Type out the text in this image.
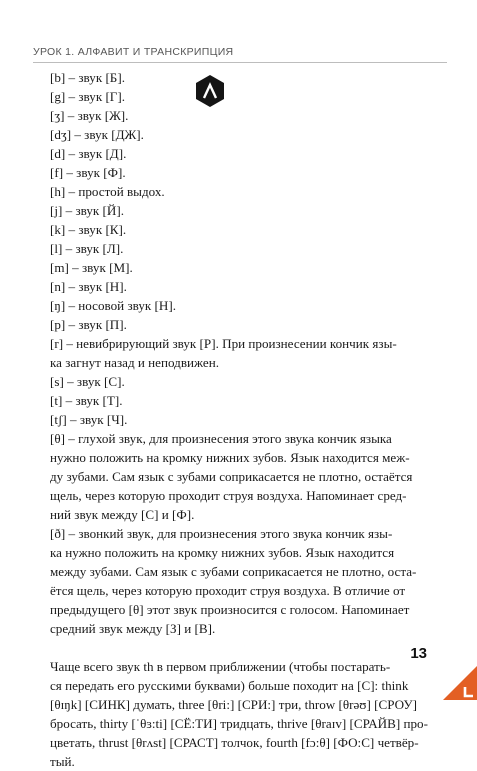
УРОК 1. АЛФАВИТ И ТРАНСКРИПЦИЯ
[b] – звук [Б].
[g] – звук [Г].
[ʒ] – звук [Ж].
[dʒ] – звук [ДЖ].
[d] – звук [Д].
[f] – звук [Ф].
[h] – простой выдох.
[j] – звук [Й].
[k] – звук [К].
[l] – звук [Л].
[m] – звук [М].
[n] – звук [Н].
[ŋ] – носовой звук [Н].
[p] – звук [П].
[r] – невибрирующий звук [Р]. При произнесении кончик язы-
ка загнут назад и неподвижен.
[s] – звук [С].
[t] – звук [Т].
[tʃ] – звук [Ч].
[θ] – глухой звук, для произнесения этого звука кончик языка
нужно положить на кромку нижних зубов. Язык находится меж-
ду зубами. Сам язык с зубами соприкасается не плотно, остаётся
щель, через которую проходит струя воздуха. Напоминает сред-
ний звук между [С] и [Ф].
[ð] – звонкий звук, для произнесения этого звука кончик язы-
ка нужно положить на кромку нижних зубов. Язык находится
между зубами. Сам язык с зубами соприкасается не плотно, оста-
ётся щель, через которую проходит струя воздуха. В отличие от
предыдущего [θ] этот звук произносится с голосом. Напоминает
средний звук между [З] и [В].
Чаще всего звук th в первом приближении (чтобы постарать-
ся передать его русскими буквами) больше походит на [С]: think
[θɪŋk] [СИНК] думать, three [θri:] [СРИ:] три, throw [θrəʊ] [СРОУ]
бросать, thirty [ˈθɜ:ti] [СЁ:ТИ] тридцать, thrive [θraɪv] [СРАЙВ] про-
цветать, thrust [θrʌst] [СРАСТ] толчок, fourth [fɔ:θ] [ФО:С] четвёр-
тый.
13
